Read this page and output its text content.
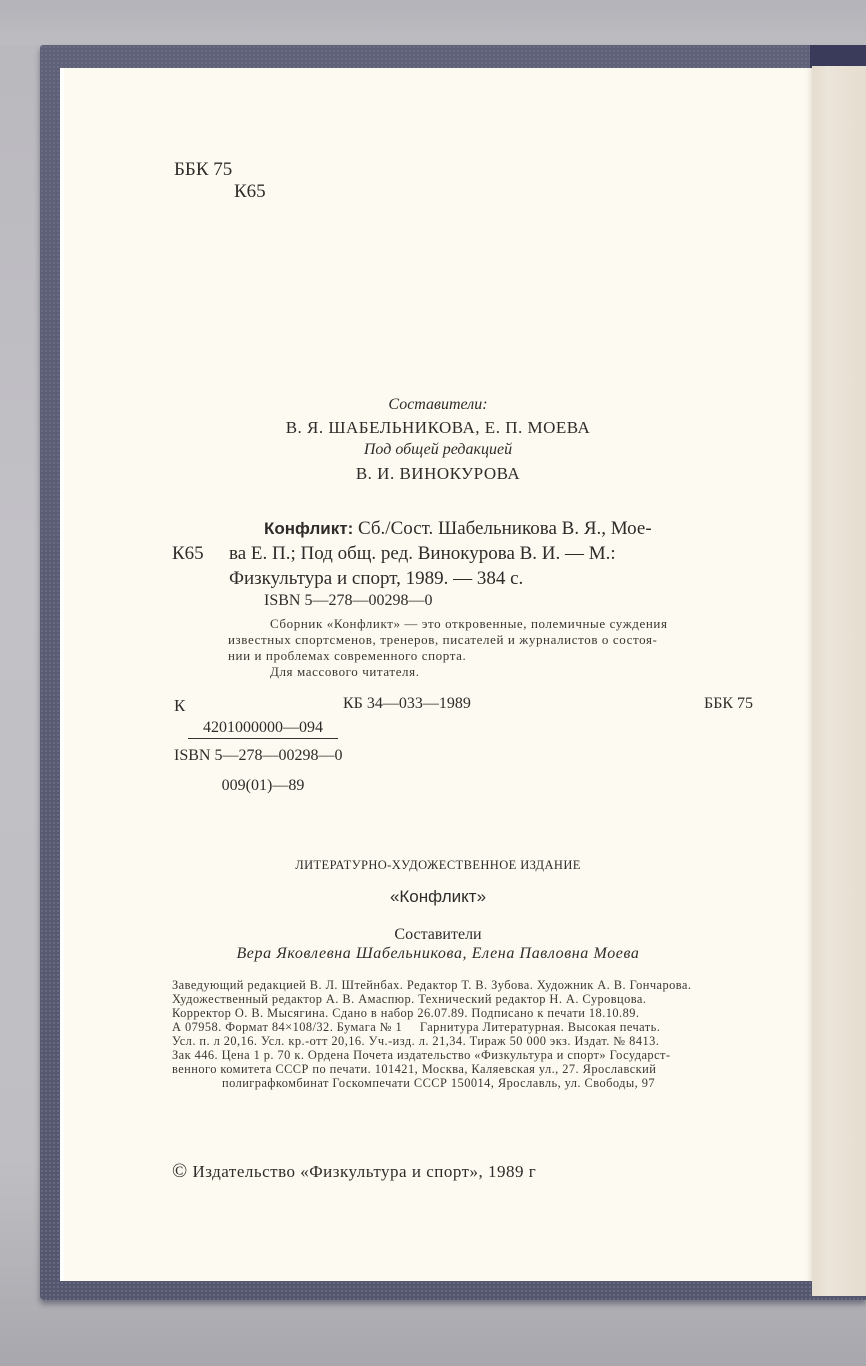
ББК 75
К65
Составители:
В. Я. ШАБЕЛЬНИКОВА, Е. П. МОЕВА
Под общей редакцией
В. И. ВИНОКУРОВА
Конфликт: Сб./Сост. Шабельникова В. Я., Мое-
К65 ва Е. П.; Под общ. ред. Винокурова В. И. — М.:
Физкультура и спорт, 1989. — 384 с.
ISBN 5—278—00298—0
Сборник «Конфликт» — это откровенные, полемичные суждения
известных спортсменов, тренеров, писателей и журналистов о состоя-
нии и проблемах современного спорта.
Для массового читателя.
К

$\frac{4201000000—094}{009(01)—89}$

КБ 34—033—1989	ББК 75
ISBN 5—278—00298—0
ЛИТЕРАТУРНО-ХУДОЖЕСТВЕННОЕ ИЗДАНИЕ
«Конфликт»
Составители
Вера Яковлевна Шабельникова, Елена Павловна Моева
Заведующий редакцией В. Л. Штейнбах. Редактор Т. В. Зубова. Художник А. В. Гончарова.
Художественный редактор А. В. Амаспюр. Технический редактор Н. А. Суровцова.
Корректор О. В. Мысягина. Сдано в набор 26.07.89. Подписано к печати 18.10.89.
А 07958. Формат 84×108/32. Бумага № 1     Гарнитура Литературная. Высокая печать.
Усл. п. л 20,16. Усл. кр.-отт 20,16. Уч.-изд. л. 21,34. Тираж 50 000 экз. Издат. № 8413.
Зак 446. Цена 1 р. 70 к. Ордена Почета издательство «Физкультура и спорт» Государст-
венного комитета СССР по печати. 101421, Москва, Каляевская ул., 27. Ярославский
полиграфкомбинат Госкомпечати СССР 150014, Ярославль, ул. Свободы, 97
© Издательство «Физкультура и спорт», 1989 г
